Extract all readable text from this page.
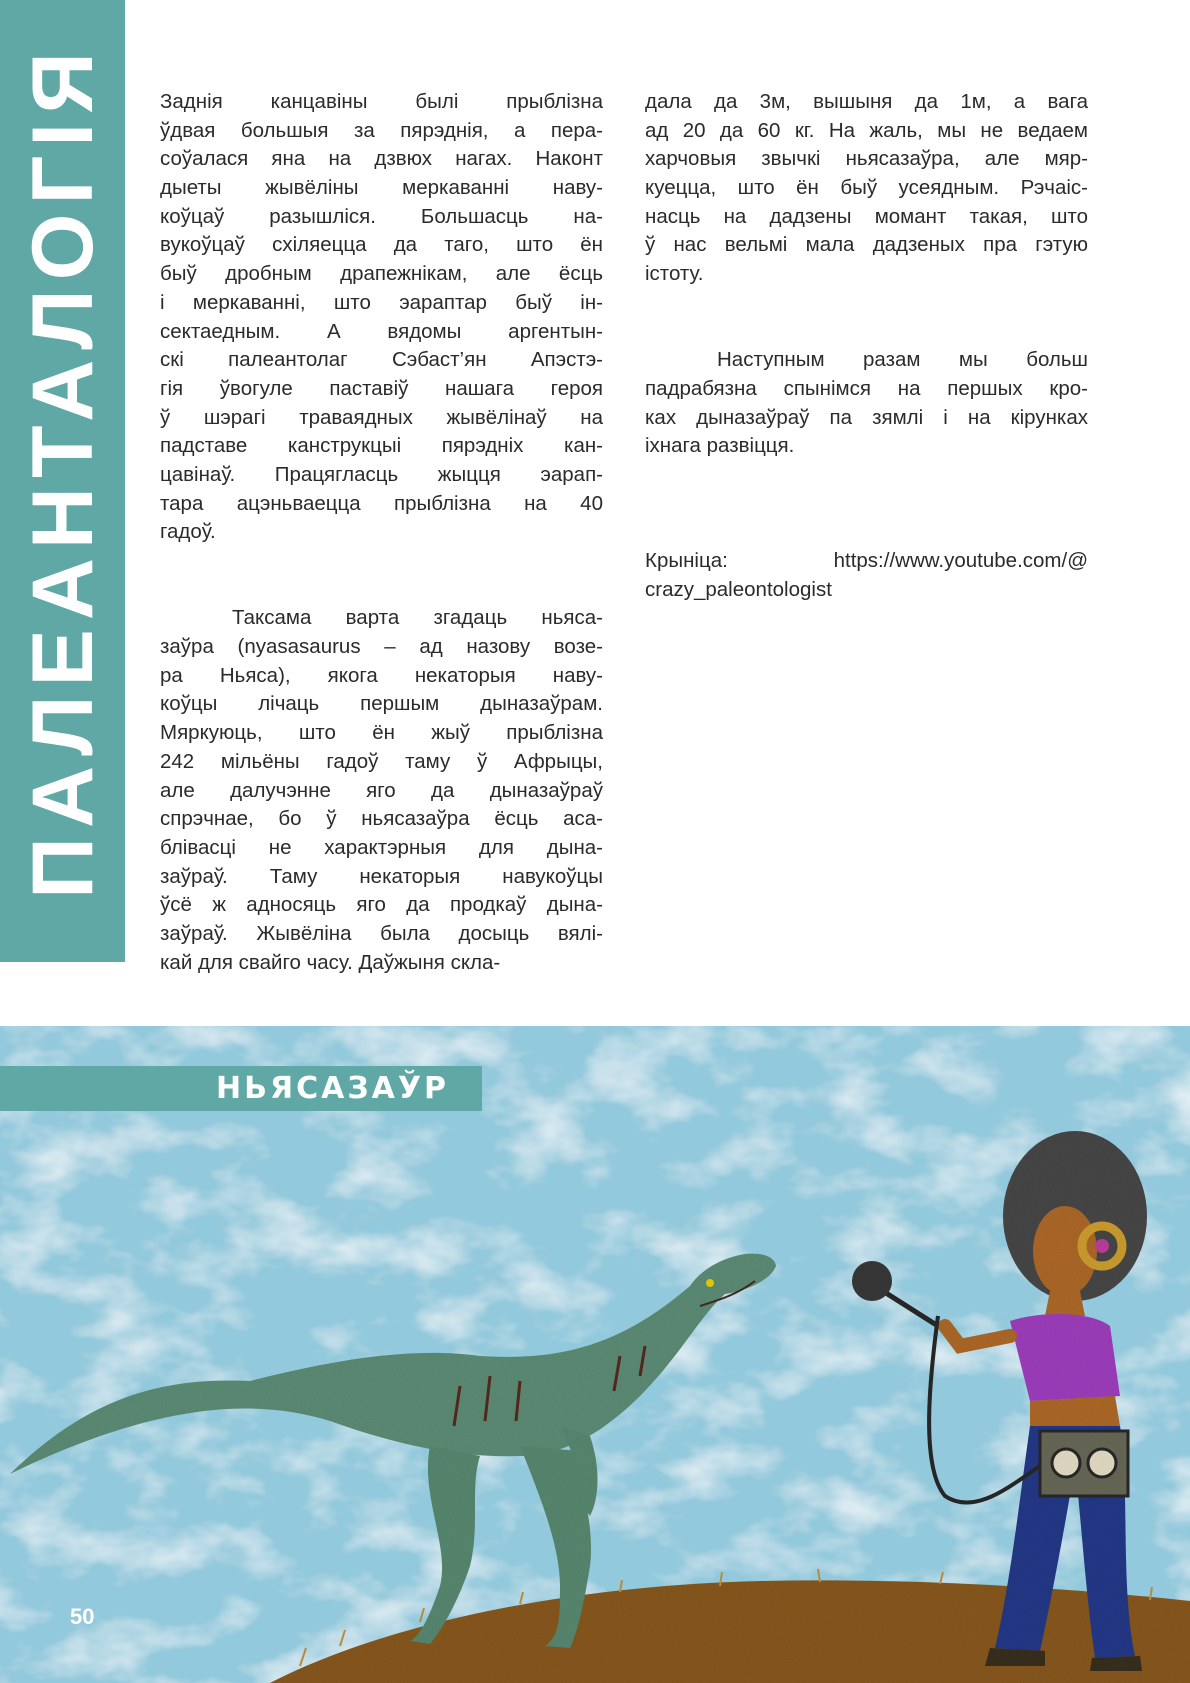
ПАЛЕАНТАЛОГІЯ Заднія канцавіны былі прыблізна
ўдвая большыя за пярэднія, а пера-
соўалася яна на дзвюх нагах. Наконт
дыеты жывёліны меркаванні наву-
коўцаў разышліся. Большасць на-
вукоўцаў схіляецца да таго, што ён
быў дробным драпежнікам, але ёсць
і меркаванні, што эараптар быў ін-
сектаедным. А вядомы аргентын-
скі палеантолаг Сэбаст’ян Апэстэ-
гія ўвогуле паставіў нашага героя
ў шэрагі траваядных жывёлінаў на
падставе канструкцыі пярэдніх кан-
цавінаў. Працягласць жыцця эарап-
тара ацэньваецца прыблізна на 40
гадоў.
Таксама варта згадаць ньяса-
заўра (nyasasaurus – ад назову возе-
ра Ньяса), якога некаторыя наву-
коўцы лічаць першым дыназаўрам.
Мяркуюць, што ён жыў прыблізна
242 мільёны гадоў таму ў Афрыцы,
але далучэнне яго да дыназаўраў
спрэчнае, бо ў ньясазаўра ёсць аса-
блівасці не характэрныя для дына-
заўраў. Таму некаторыя навукоўцы
ўсё ж адносяць яго да продкаў дына-
заўраў. Жывёліна была досыць вялі-
кай для свайго часу. Даўжыня скла-
дала да 3м, вышыня да 1м, а вага
ад 20 да 60 кг. На жаль, мы не ведаем
харчовыя звычкі ньясазаўра, але мяр-
куецца, што ён быў усеядным. Рэчаіс-
насць на дадзены момант такая, што
ў нас вельмі мала дадзеных пра гэтую
істоту.
Наступным разам мы больш
падрабязна спынімся на першых кро-
ках дыназаўраў па зямлі і на кірунках
іхнага развіцця.
Крыніца: https://www.youtube.com/@
crazy_paleontologist
НЬЯСАЗАЎР
50
